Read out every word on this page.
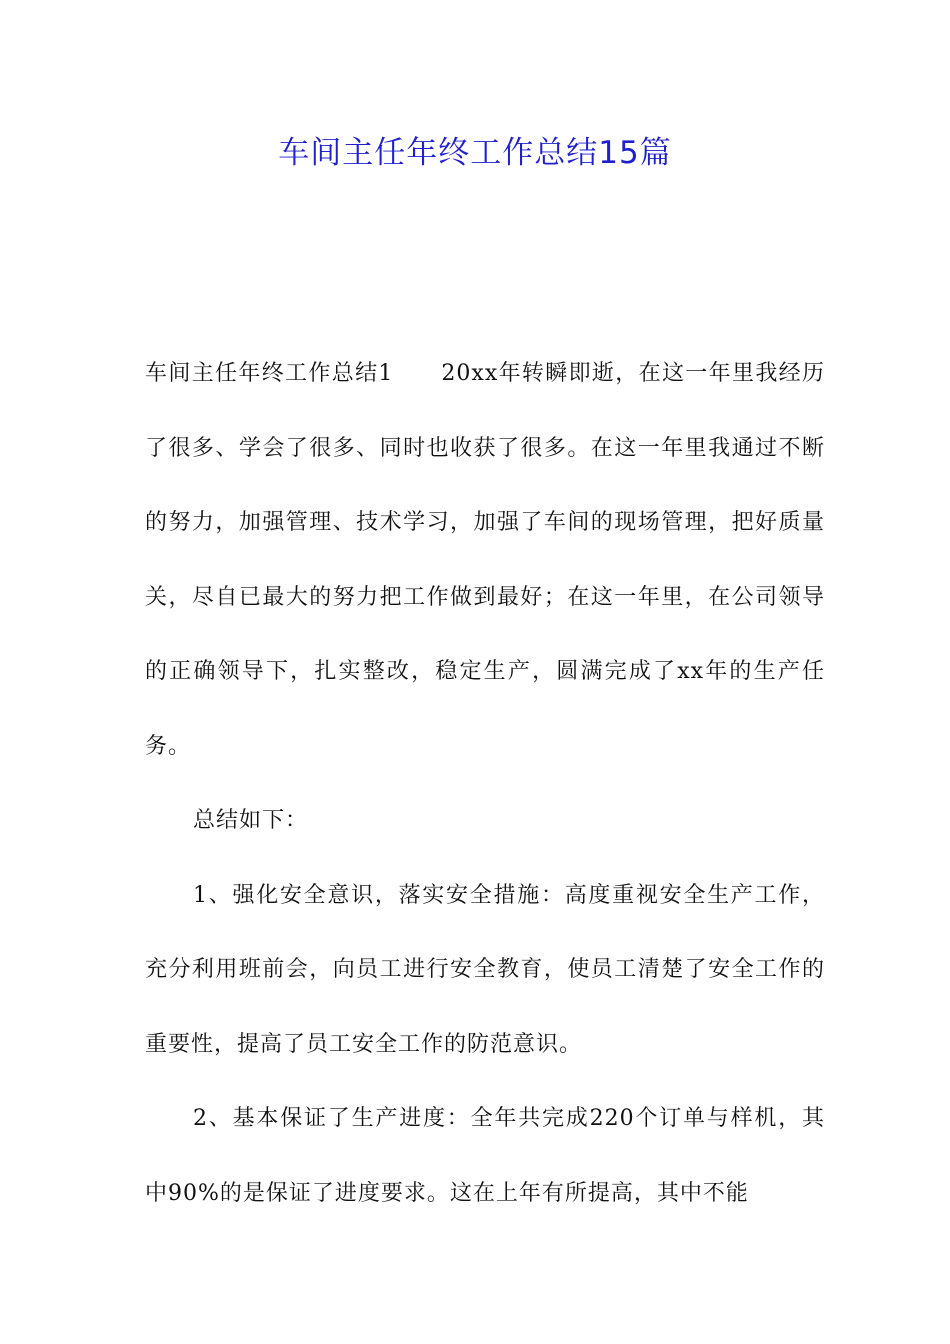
车间主任年终工作总结15篇

车间主任年终工作总结1 20xx年转瞬即逝，在这一年里我经历了很多、学会了很多、同时也收获了很多。在这一年里我通过不断的努力，加强管理、技术学习，加强了车间的现场管理，把好质量关，尽自已最大的努力把工作做到最好；在这一年里，在公司领导的正确领导下，扎实整改，稳定生产，圆满完成了xx年的生产任务。

总结如下：

1、强化安全意识，落实安全措施：高度重视安全生产工作，充分利用班前会，向员工进行安全教育，使员工清楚了安全工作的重要性，提高了员工安全工作的防范意识。

2、基本保证了生产进度：全年共完成220个订单与样机，其中90%的是保证了进度要求。这在上年有所提高，其中不能
